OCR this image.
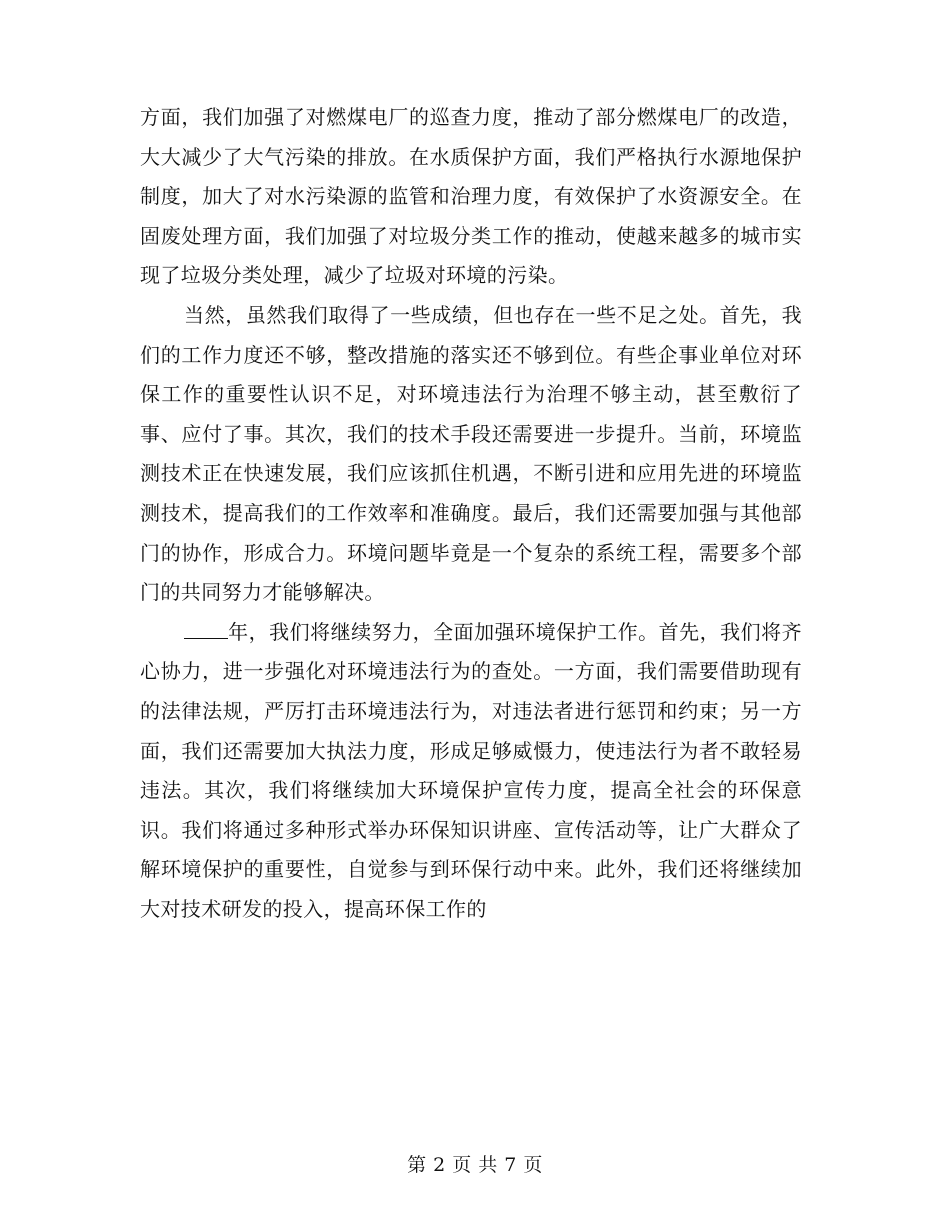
方面，我们加强了对燃煤电厂的巡查力度，推动了部分燃煤电厂的改造，大大减少了大气污染的排放。在水质保护方面，我们严格执行水源地保护制度，加大了对水污染源的监管和治理力度，有效保护了水资源安全。在固废处理方面，我们加强了对垃圾分类工作的推动，使越来越多的城市实现了垃圾分类处理，减少了垃圾对环境的污染。

当然，虽然我们取得了一些成绩，但也存在一些不足之处。首先，我们的工作力度还不够，整改措施的落实还不够到位。有些企事业单位对环保工作的重要性认识不足，对环境违法行为治理不够主动，甚至敷衍了事、应付了事。其次，我们的技术手段还需要进一步提升。当前，环境监测技术正在快速发展，我们应该抓住机遇，不断引进和应用先进的环境监测技术，提高我们的工作效率和准确度。最后，我们还需要加强与其他部门的协作，形成合力。环境问题毕竟是一个复杂的系统工程，需要多个部门的共同努力才能够解决。

年，我们将继续努力，全面加强环境保护工作。首先，我们将齐心协力，进一步强化对环境违法行为的查处。一方面，我们需要借助现有的法律法规，严厉打击环境违法行为，对违法者进行惩罚和约束；另一方面，我们还需要加大执法力度，形成足够威慑力，使违法行为者不敢轻易违法。其次，我们将继续加大环境保护宣传力度，提高全社会的环保意识。我们将通过多种形式举办环保知识讲座、宣传活动等，让广大群众了解环境保护的重要性，自觉参与到环保行动中来。此外，我们还将继续加大对技术研发的投入，提高环保工作的

第 2 页 共 7 页
